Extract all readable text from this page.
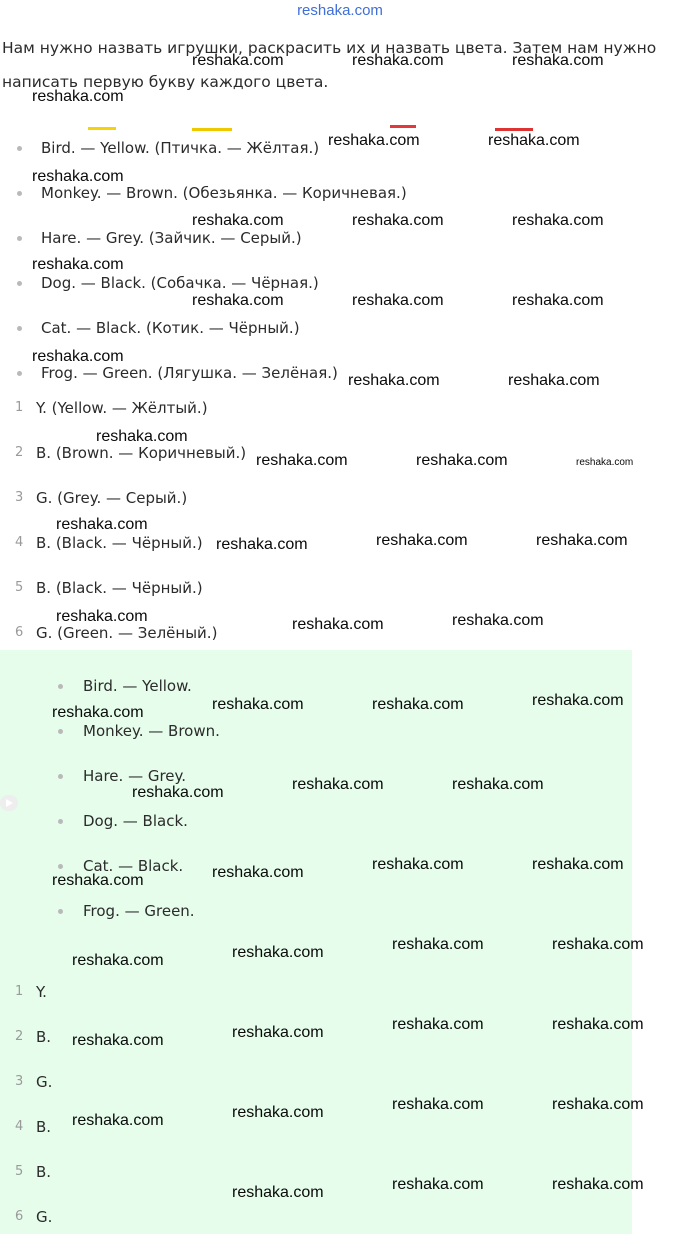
reshaka.com
Нам нужно назвать игрушки, раскрасить их и назвать цвета. Затем нам нужно написать первую букву каждого цвета.
Bird. — Yellow. (Птичка. — Жёлтая.)
Monkey. — Brown. (Обезьянка. — Коричневая.)
Hare. — Grey. (Зайчик. — Серый.)
Dog. — Black. (Собачка. — Чёрная.)
Cat. — Black. (Котик. — Чёрный.)
Frog. — Green. (Лягушка. — Зелёная.)
1 Y. (Yellow. — Жёлтый.)
2 B. (Brown. — Коричневый.)
3 G. (Grey. — Серый.)
4 B. (Black. — Чёрный.)
5 B. (Black. — Чёрный.)
6 G. (Green. — Зелёный.)
Bird. — Yellow.
Monkey. — Brown.
Hare. — Grey.
Dog. — Black.
Cat. — Black.
Frog. — Green.
1 Y.
2 B.
3 G.
4 B.
5 B.
6 G.
reshaka.com	reshaka.com	reshaka.com
reshaka.com
reshaka.com	reshaka.com
reshaka.com
reshaka.com	reshaka.com	reshaka.com
reshaka.com
reshaka.com	reshaka.com	reshaka.com
reshaka.com
reshaka.com	reshaka.com
reshaka.com
reshaka.com	reshaka.com	reshaka.com
reshaka.com
reshaka.com	reshaka.com	reshaka.com
reshaka.com	reshaka.com	reshaka.com
reshaka.com	reshaka.com	reshaka.com
reshaka.com
reshaka.com	reshaka.com
reshaka.com
reshaka.com	reshaka.com
reshaka.com
reshaka.com
reshaka.com	reshaka.com
reshaka.com
reshaka.com
reshaka.com	reshaka.com
reshaka.com
reshaka.com
reshaka.com	reshaka.com
reshaka.com
reshaka.com
reshaka.com	reshaka.com
reshaka.com
